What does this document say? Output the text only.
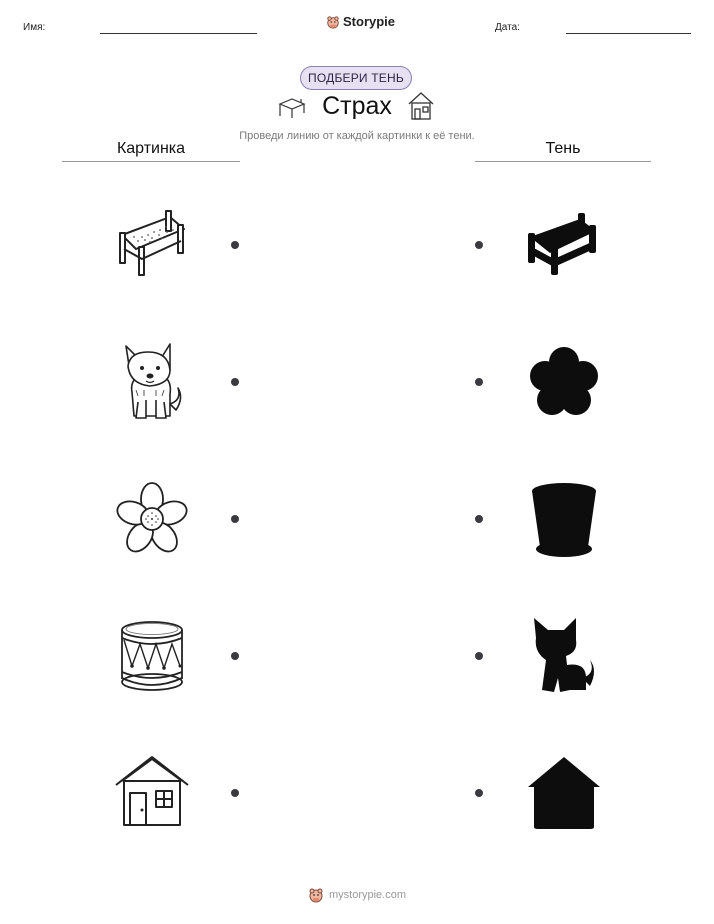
Имя:	Storypie	Дата:
ПОДБЕРИ ТЕНЬ
Страх
Проведи линию от каждой картинки к её тени.
Картинка	Тень
mystorypie.com
